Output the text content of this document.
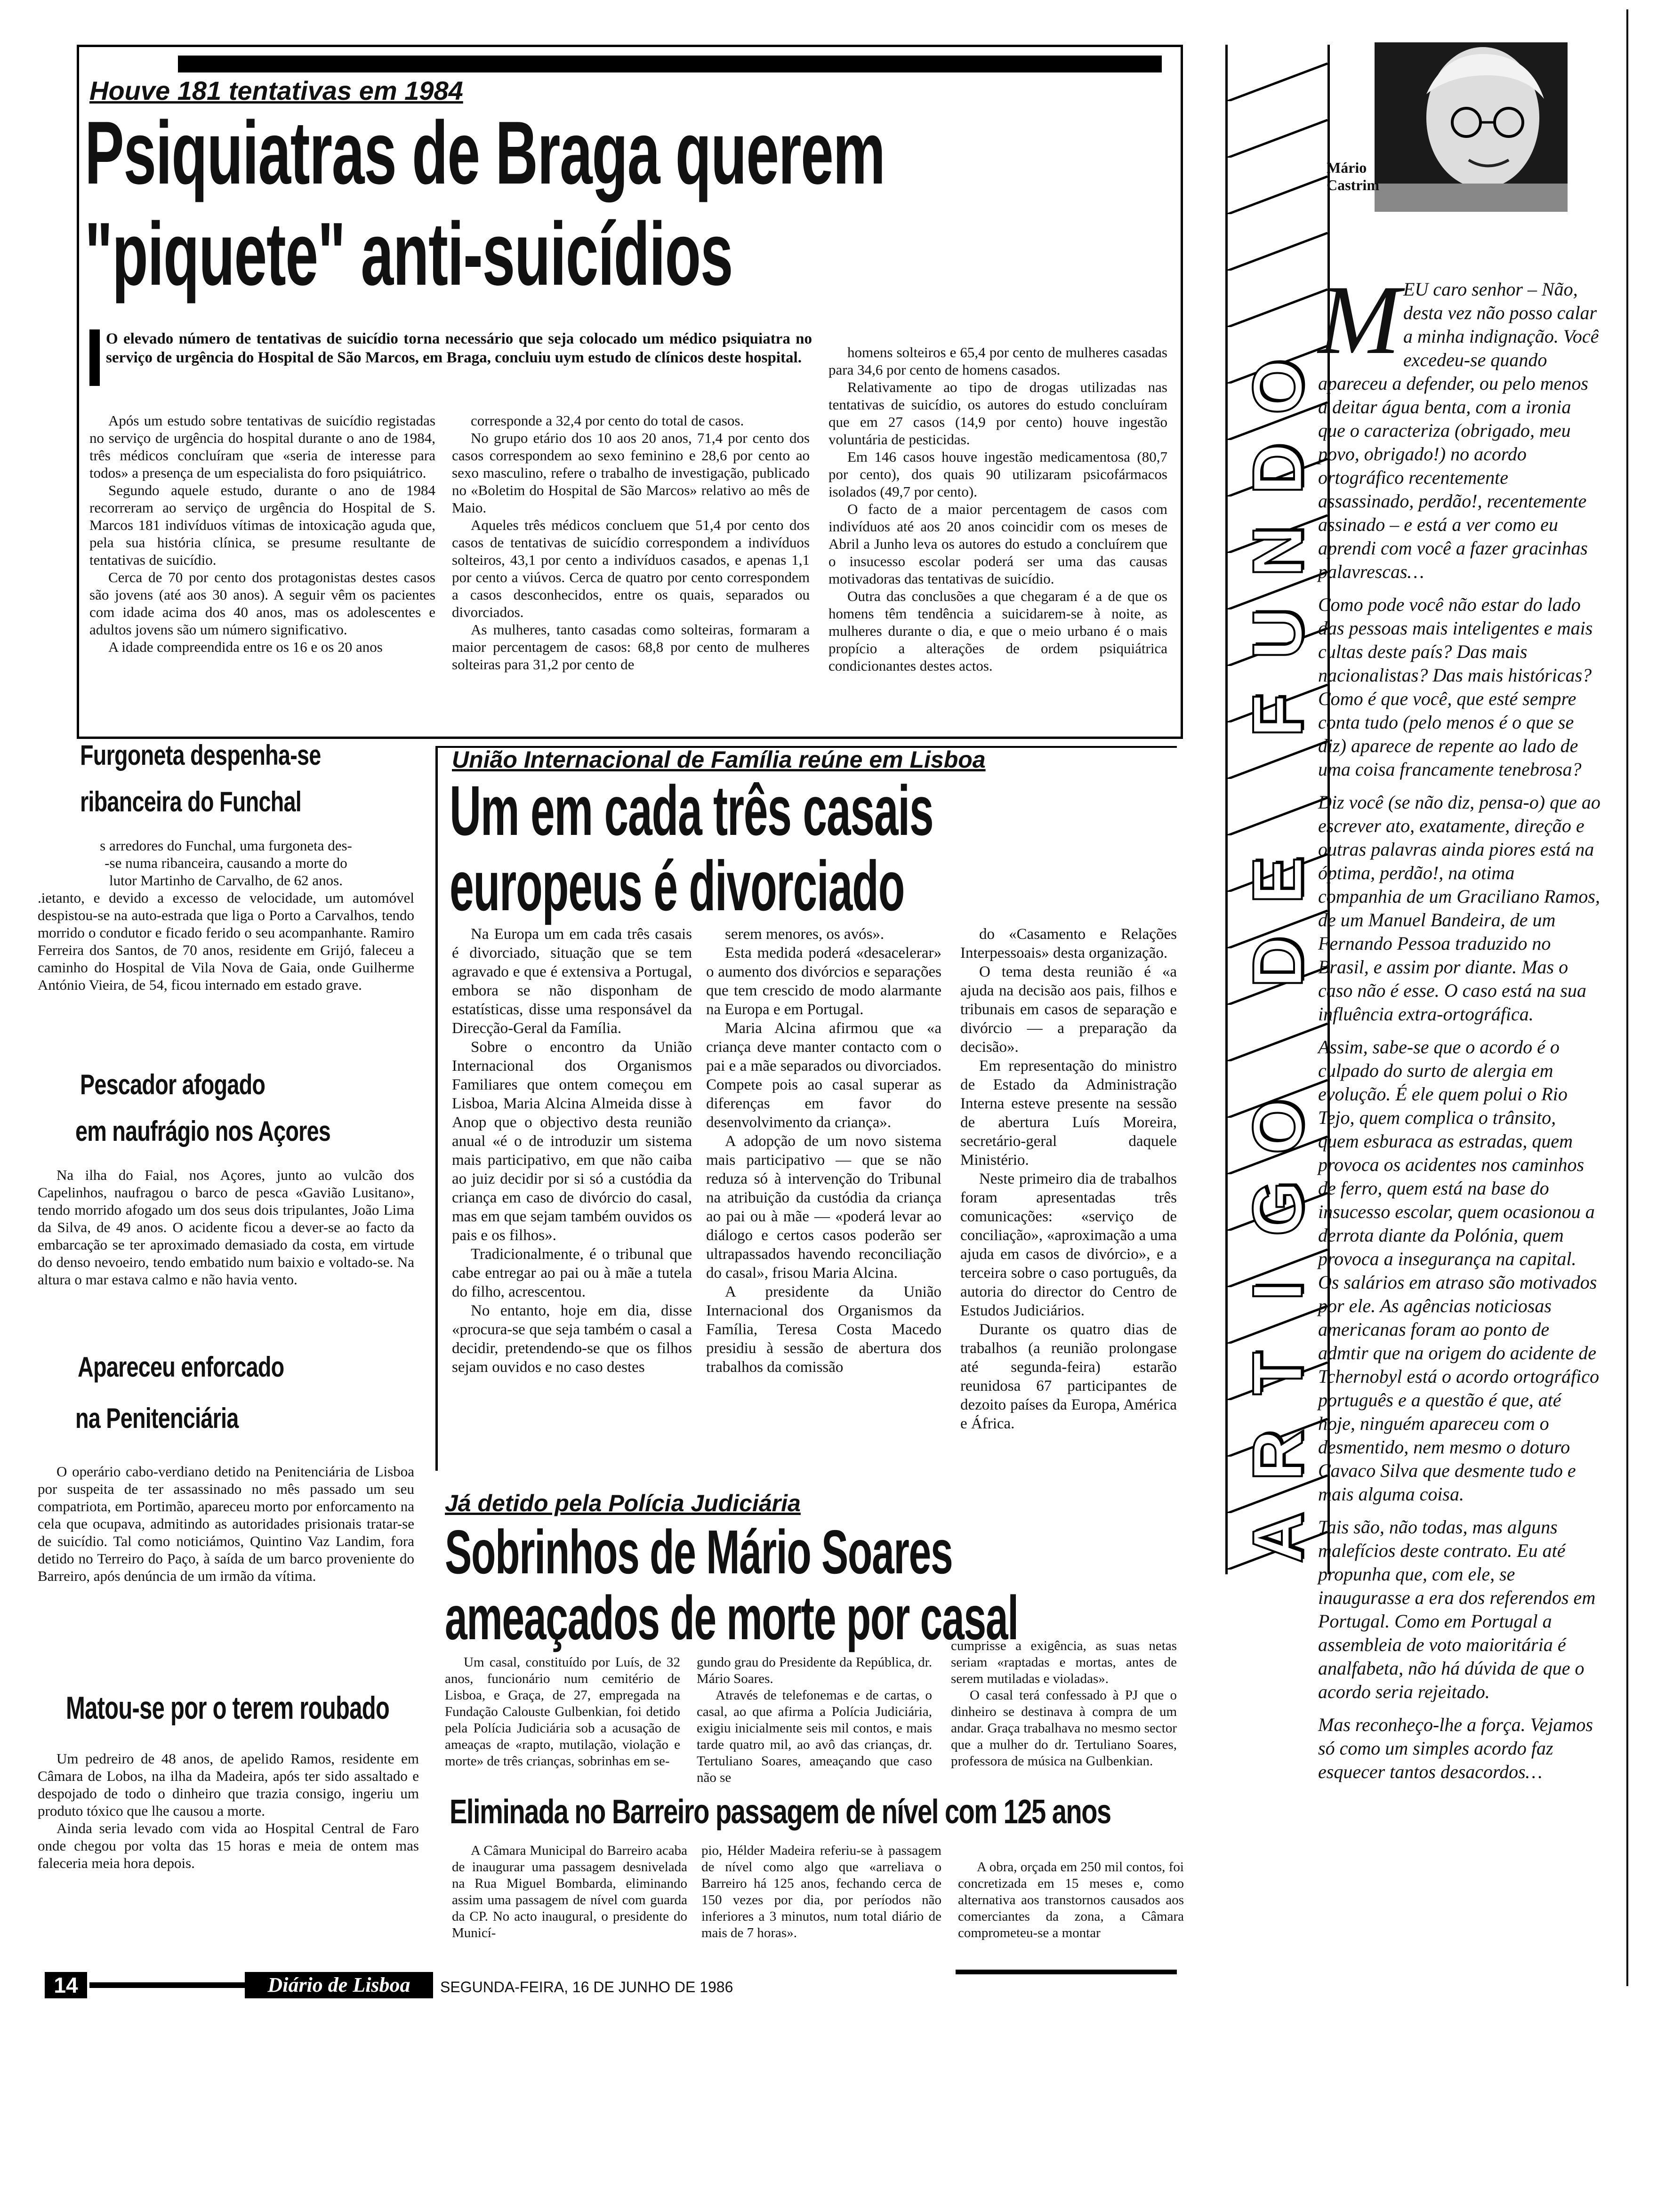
Houve 181 tentativas em 1984
Psiquiatras de Braga querem
"piquete" anti-suicídios
O elevado número de tentativas de suicídio torna necessário que seja colocado um médico psiquiatra no serviço de urgência do Hospital de São Marcos, em Braga, concluiu uym estudo de clínicos deste hospital.

Após um estudo sobre tentativas de suicídio registadas no serviço de urgência do hospital durante o ano de 1984, três médicos concluíram que «seria de interesse para todos» a presença de um especialista do foro psiquiátrico.

Segundo aquele estudo, durante o ano de 1984 recorreram ao serviço de urgência do Hospital de S. Marcos 181 indivíduos vítimas de intoxicação aguda que, pela sua história clínica, se presume resultante de tentativas de suicídio.

Cerca de 70 por cento dos protagonistas destes casos são jovens (até aos 30 anos). A seguir vêm os pacientes com idade acima dos 40 anos, mas os adolescentes e adultos jovens são um número significativo.

A idade compreendida entre os 16 e os 20 anos

corresponde a 32,4 por cento do total de casos.

No grupo etário dos 10 aos 20 anos, 71,4 por cento dos casos correspondem ao sexo feminino e 28,6 por cento ao sexo masculino, refere o trabalho de investigação, publicado no «Boletim do Hospital de São Marcos» relativo ao mês de Maio.

Aqueles três médicos concluem que 51,4 por cento dos casos de tentativas de suicídio correspondem a indivíduos solteiros, 43,1 por cento a indivíduos casados, e apenas 1,1 por cento a viúvos. Cerca de quatro por cento correspondem a casos desconhecidos, entre os quais, separados ou divorciados.

As mulheres, tanto casadas como solteiras, formaram a maior percentagem de casos: 68,8 por cento de mulheres solteiras para 31,2 por cento de

homens solteiros e 65,4 por cento de mulheres casadas para 34,6 por cento de homens casados.

Relativamente ao tipo de drogas utilizadas nas tentativas de suicídio, os autores do estudo concluíram que em 27 casos (14,9 por cento) houve ingestão voluntária de pesticidas.

Em 146 casos houve ingestão medicamentosa (80,7 por cento), dos quais 90 utilizaram psicofármacos isolados (49,7 por cento).

O facto de a maior percentagem de casos com indivíduos até aos 20 anos coincidir com os meses de Abril a Junho leva os autores do estudo a concluírem que o insucesso escolar poderá ser uma das causas motivadoras das tentativas de suicídio.

Outra das conclusões a que chegaram é a de que os homens têm tendência a suicidarem-se à noite, as mulheres durante o dia, e que o meio urbano é o mais propício a alterações de ordem psiquiátrica condicionantes destes actos.

Furgoneta despenha-se
ribanceira do Funchal
s arredores do Funchal, uma furgoneta des-
-se numa ribanceira, causando a morte do
lutor Martinho de Carvalho, de 62 anos.

.ietanto, e devido a excesso de velocidade, um automóvel despistou-se na auto-estrada que liga o Porto a Carvalhos, tendo morrido o condutor e ficado ferido o seu acompanhante. Ramiro Ferreira dos Santos, de 70 anos, residente em Grijó, faleceu a caminho do Hospital de Vila Nova de Gaia, onde Guilherme António Vieira, de 54, ficou internado em estado grave.

Pescador afogado
em naufrágio nos Açores

Na ilha do Faial, nos Açores, junto ao vulcão dos Capelinhos, naufragou o barco de pesca «Gavião Lusitano», tendo morrido afogado um dos seus dois tripulantes, João Lima da Silva, de 49 anos. O acidente ficou a dever-se ao facto da embarcação se ter aproximado demasiado da costa, em virtude do denso nevoeiro, tendo embatido num baixio e voltado-se. Na altura o mar estava calmo e não havia vento.

Apareceu enforcado
na Penitenciária

O operário cabo-verdiano detido na Penitenciária de Lisboa por suspeita de ter assassinado no mês passado um seu compatriota, em Portimão, apareceu morto por enforcamento na cela que ocupava, admitindo as autoridades prisionais tratar-se de suicídio. Tal como noticiámos, Quintino Vaz Landim, fora detido no Terreiro do Paço, à saída de um barco proveniente do Barreiro, após denúncia de um irmão da vítima.

Matou-se por o terem roubado

Um pedreiro de 48 anos, de apelido Ramos, residente em Câmara de Lobos, na ilha da Madeira, após ter sido assaltado e despojado de todo o dinheiro que trazia consigo, ingeriu um produto tóxico que lhe causou a morte.

Ainda seria levado com vida ao Hospital Central de Faro onde chegou por volta das 15 horas e meia de ontem mas faleceria meia hora depois.

União Internacional de Família reúne em Lisboa
Um em cada três casais
europeus é divorciado

Na Europa um em cada três casais é divorciado, situação que se tem agravado e que é extensiva a Portugal, embora se não disponham de estatísticas, disse uma responsável da Direcção-Geral da Família.

Sobre o encontro da União Internacional dos Organismos Familiares que ontem começou em Lisboa, Maria Alcina Almeida disse à Anop que o objectivo desta reunião anual «é o de introduzir um sistema mais participativo, em que não caiba ao juiz decidir por si só a custódia da criança em caso de divórcio do casal, mas em que sejam também ouvidos os pais e os filhos».

Tradicionalmente, é o tribunal que cabe entregar ao pai ou à mãe a tutela do filho, acrescentou.

No entanto, hoje em dia, disse «procura-se que seja também o casal a decidir, pretendendo-se que os filhos sejam ouvidos e no caso destes

serem menores, os avós».

Esta medida poderá «desacelerar» o aumento dos divórcios e separações que tem crescido de modo alarmante na Europa e em Portugal.

Maria Alcina afirmou que «a criança deve manter contacto com o pai e a mãe separados ou divorciados. Compete pois ao casal superar as diferenças em favor do desenvolvimento da criança».

A adopção de um novo sistema mais participativo — que se não reduza só à intervenção do Tribunal na atribuição da custódia da criança ao pai ou à mãe — «poderá levar ao diálogo e certos casos poderão ser ultrapassados havendo reconciliação do casal», frisou Maria Alcina.

A presidente da União Internacional dos Organismos da Família, Teresa Costa Macedo presidiu à sessão de abertura dos trabalhos da comissão

do «Casamento e Relações Interpessoais» desta organização.

O tema desta reunião é «a ajuda na decisão aos pais, filhos e tribunais em casos de separação e divórcio — a preparação da decisão».

Em representação do ministro de Estado da Administração Interna esteve presente na sessão de abertura Luís Moreira, secretário-geral daquele Ministério.

Neste primeiro dia de trabalhos foram apresentadas três comunicações: «serviço de conciliação», «aproximação a uma ajuda em casos de divórcio», e a terceira sobre o caso português, da autoria do director do Centro de Estudos Judiciários.

Durante os quatro dias de trabalhos (a reunião prolongase até segunda-feira) estarão reunidosa 67 participantes de dezoito países da Europa, América e África.

Já detido pela Polícia Judiciária
Sobrinhos de Mário Soares
ameaçados de morte por casal

Um casal, constituído por Luís, de 32 anos, funcionário num cemitério de Lisboa, e Graça, de 27, empregada na Fundação Calouste Gulbenkian, foi detido pela Polícia Judiciária sob a acusação de ameaças de «rapto, mutilação, violação e morte» de três crianças, sobrinhas em se-

gundo grau do Presidente da República, dr. Mário Soares.

Através de telefonemas e de cartas, o casal, ao que afirma a Polícia Judiciária, exigiu inicialmente seis mil contos, e mais tarde quatro mil, ao avô das crianças, dr. Tertuliano Soares, ameaçando que caso não se

cumprisse a exigência, as suas netas seriam «raptadas e mortas, antes de serem mutiladas e violadas».

O casal terá confessado à PJ que o dinheiro se destinava à compra de um andar. Graça trabalhava no mesmo sector que a mulher do dr. Tertuliano Soares, professora de música na Gulbenkian.

Eliminada no Barreiro passagem de nível com 125 anos

A Câmara Municipal do Barreiro acaba de inaugurar uma passagem desnivelada na Rua Miguel Bombarda, eliminando assim uma passagem de nível com guarda da CP. No acto inaugural, o presidente do Municí-

pio, Hélder Madeira referiu-se à passagem de nível como algo que «arreliava o Barreiro há 125 anos, fechando cerca de 150 vezes por dia, por períodos não inferiores a 3 minutos, num total diário de mais de 7 horas».

A obra, orçada em 250 mil contos, foi concretizada em 15 meses e, como alternativa aos transtornos causados aos comerciantes da zona, a Câmara comprometeu-se a montar

14	Diário de Lisboa	SEGUNDA-FEIRA, 16 DE JUNHO DE 1986
O
D
N
U
F
E
D
O
G
I
T
R
A
Mário
Castrim

MEU caro senhor – Não, desta vez não posso calar a minha indignação. Você excedeu-se quando apareceu a defender, ou pelo menos a deitar água benta, com a ironia que o caracteriza (obrigado, meu povo, obrigado!) no acordo ortográfico recentemente assassinado, perdão!, recentemente assinado – e está a ver como eu aprendi com você a fazer gracinhas palavrescas…

Como pode você não estar do lado das pessoas mais inteligentes e mais cultas deste país? Das mais nacionalistas? Das mais históricas? Como é que você, que esté sempre conta tudo (pelo menos é o que se diz) aparece de repente ao lado de uma coisa francamente tenebrosa?

Diz você (se não diz, pensa-o) que ao escrever ato, exatamente, direção e outras palavras ainda piores está na óptima, perdão!, na otima companhia de um Graciliano Ramos, de um Manuel Bandeira, de um Fernando Pessoa traduzido no Brasil, e assim por diante. Mas o caso não é esse. O caso está na sua influência extra-ortográfica.

Assim, sabe-se que o acordo é o culpado do surto de alergia em evolução. É ele quem polui o Rio Tejo, quem complica o trânsito, quem esburaca as estradas, quem provoca os acidentes nos caminhos de ferro, quem está na base do insucesso escolar, quem ocasionou a derrota diante da Polónia, quem provoca a insegurança na capital. Os salários em atraso são motivados por ele. As agências noticiosas americanas foram ao ponto de admtir que na origem do acidente de Tchernobyl está o acordo ortográfico português e a questão é que, até hoje, ninguém apareceu com o desmentido, nem mesmo o doturo Cavaco Silva que desmente tudo e mais alguma coisa.

Tais são, não todas, mas alguns malefícios deste contrato. Eu até propunha que, com ele, se inaugurasse a era dos referendos em Portugal. Como em Portugal a assembleia de voto maioritária é analfabeta, não há dúvida de que o acordo seria rejeitado.

Mas reconheço-lhe a força. Vejamos só como um simples acordo faz esquecer tantos desacordos…
